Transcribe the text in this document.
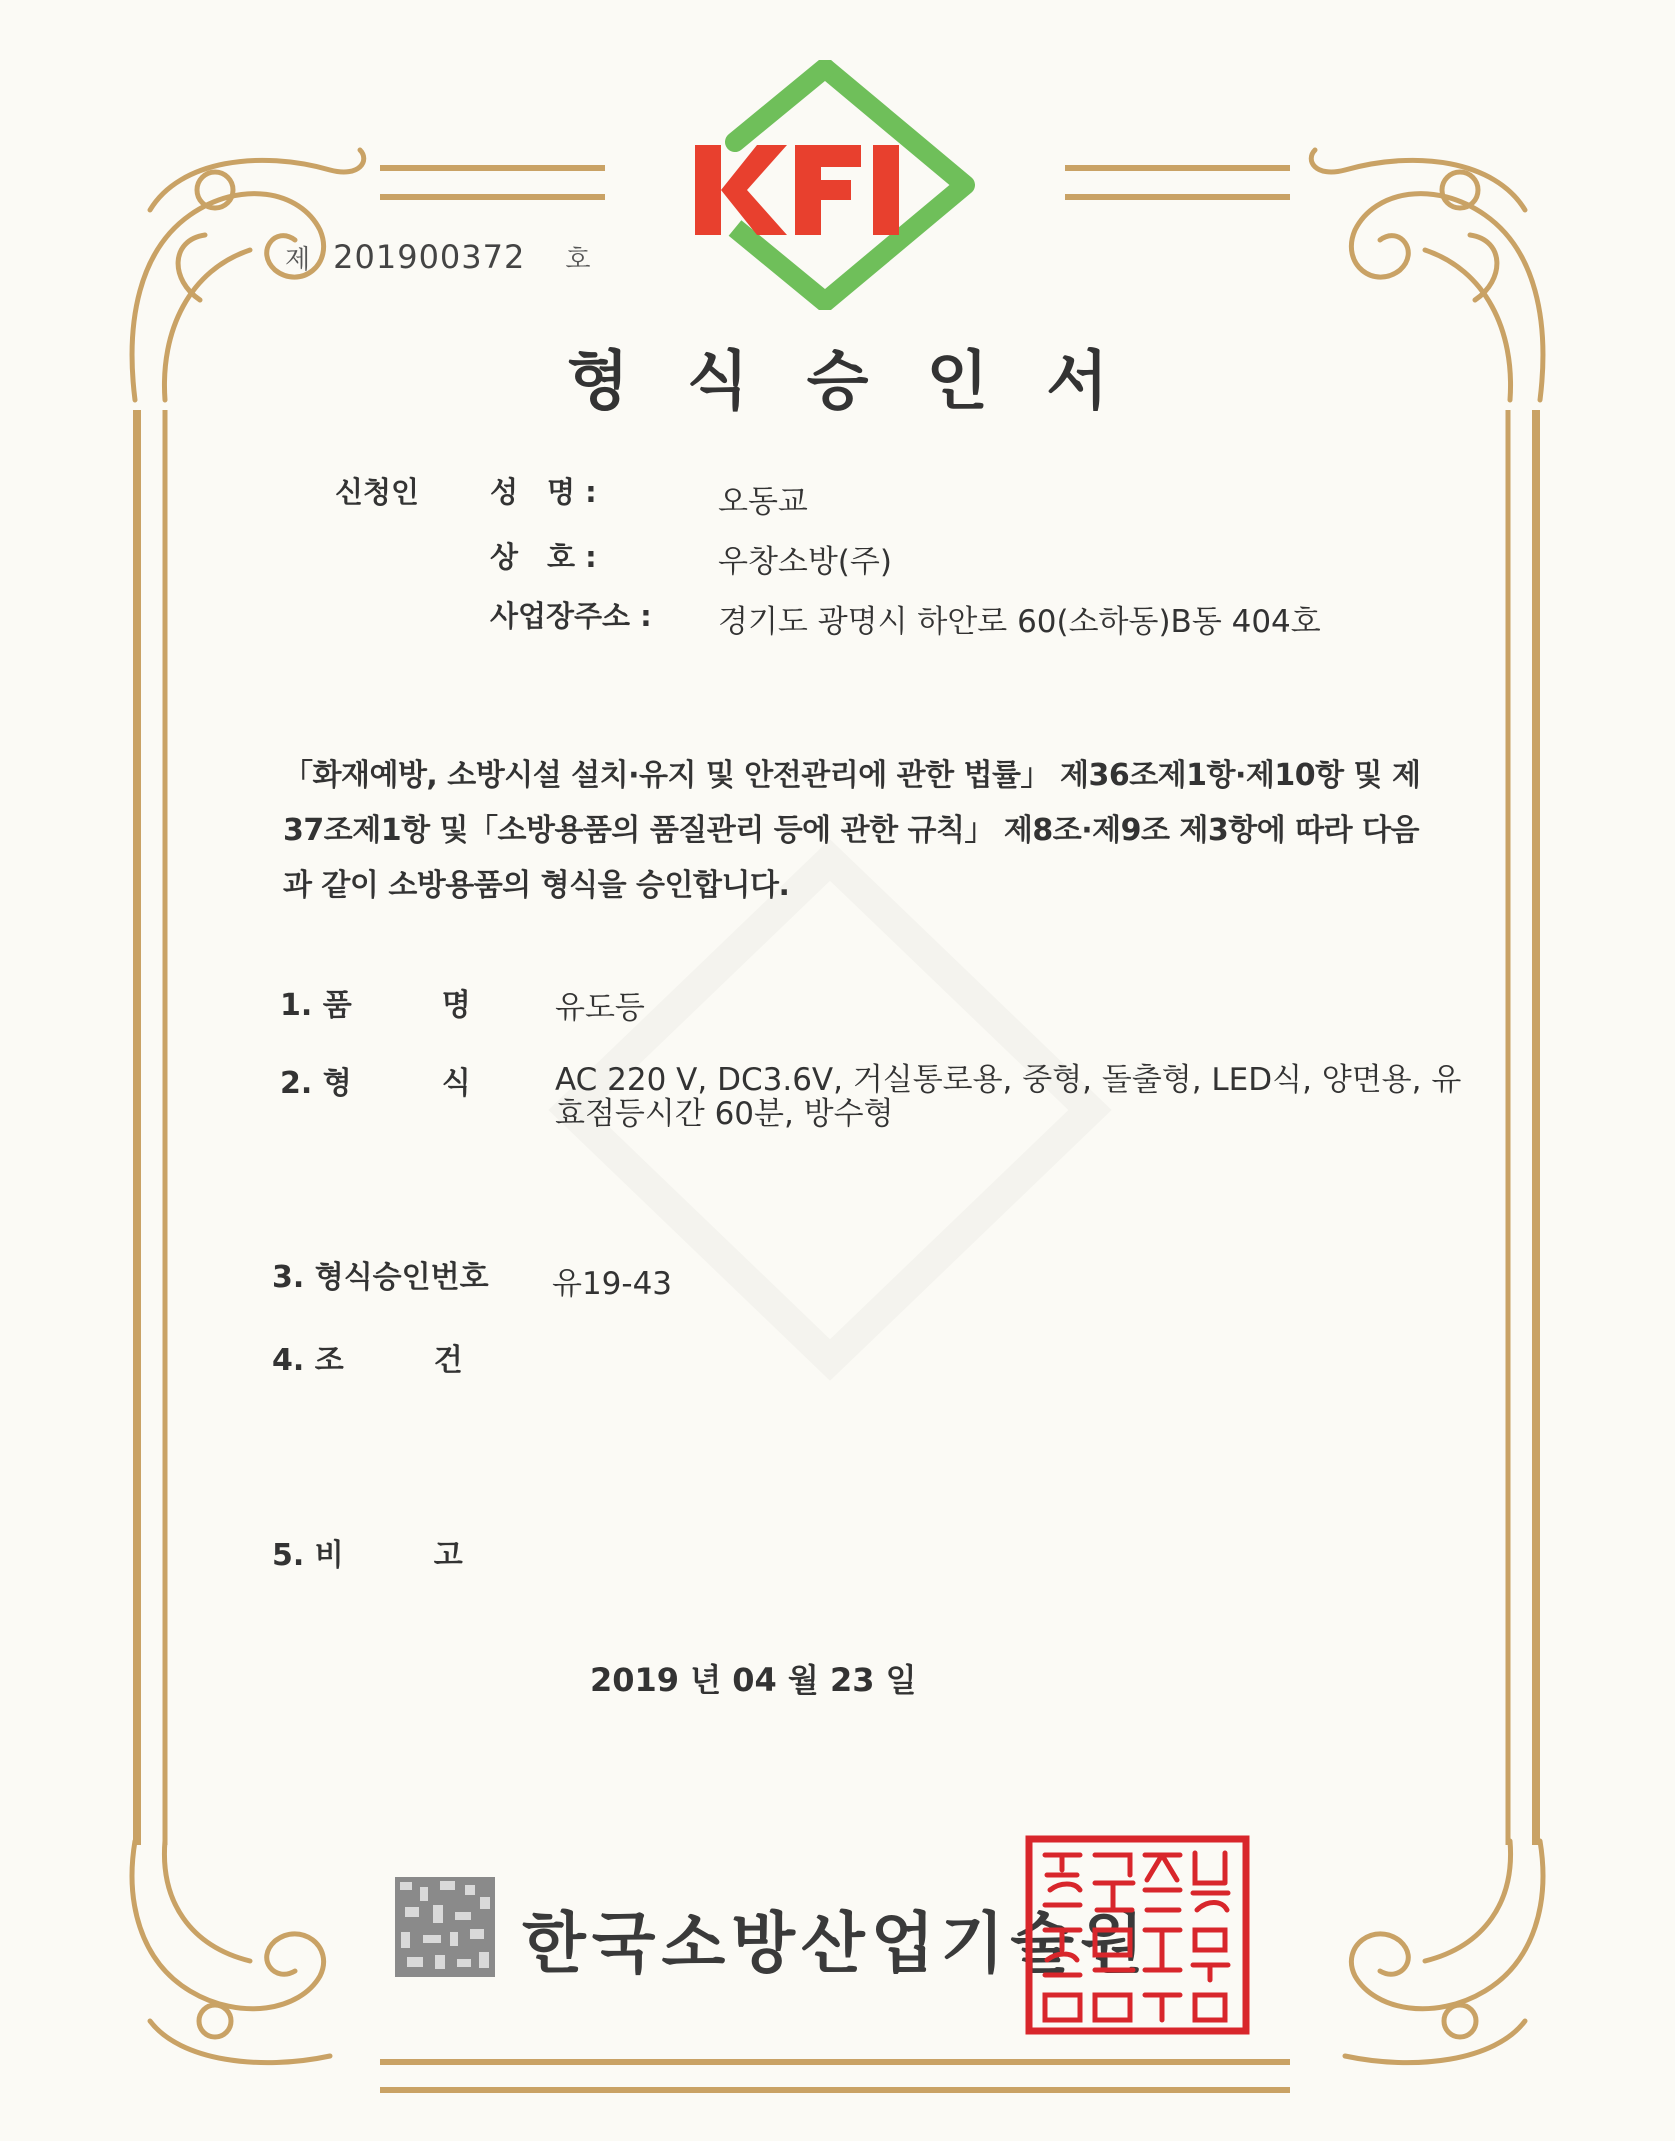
제 201900372 호
형식승인서
신청인 성　명 :	오동교
상　호 :	우창소방(주)
사업장주소 : 경기도 광명시 하안로 60(소하동)B동 404호
「화재예방, 소방시설 설치·유지 및 안전관리에 관한 법률」 제36조제1항·제10항 및 제37조제1항 및「소방용품의 품질관리 등에 관한 규칙」 제8조·제9조 제3항에 따라 다음과 같이 소방용품의 형식을 승인합니다.
1. 품　　　명	유도등
2. 형　　　식	AC 220 V, DC3.6V, 거실통로용, 중형, 돌출형, LED식, 양면용, 유효점등시간 60분, 방수형
3. 형식승인번호 유19-43
4. 조　　　건
5. 비　　　고
2019 년 04 월 23 일
한국소방산업기술원
